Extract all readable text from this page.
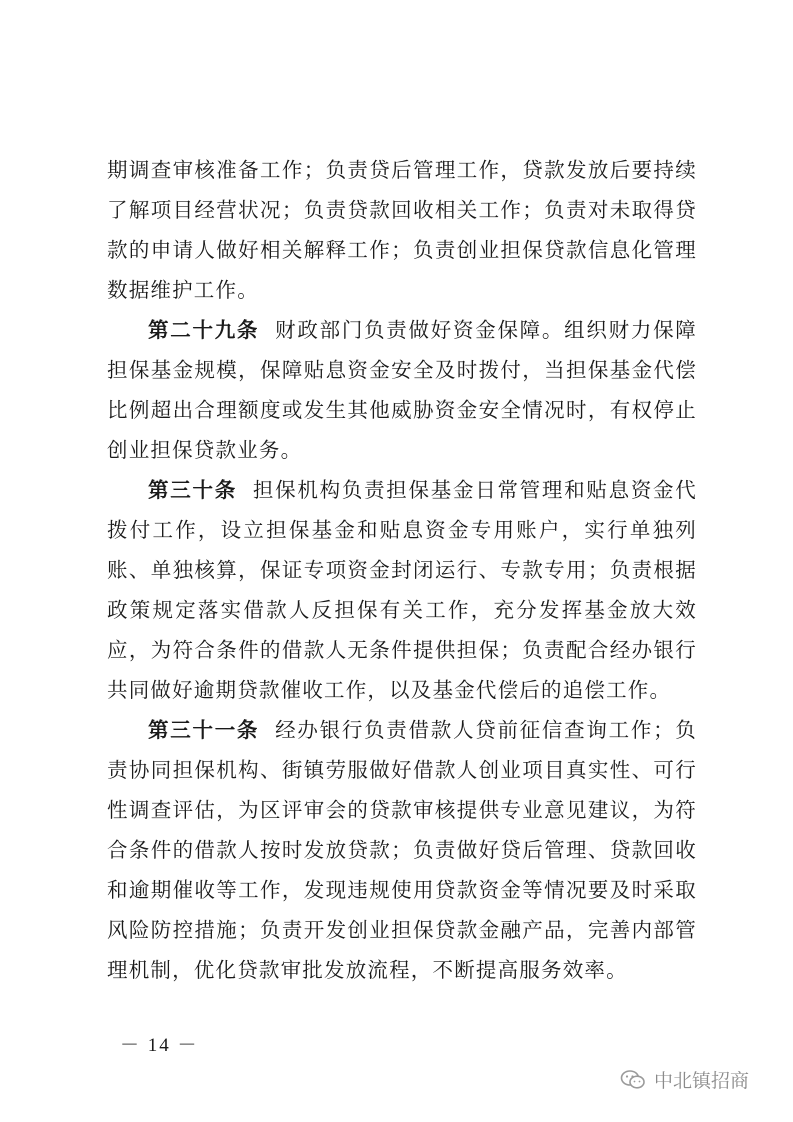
期调查审核准备工作；负责贷后管理工作，贷款发放后要持续了解项目经营状况；负责贷款回收相关工作；负责对未取得贷款的申请人做好相关解释工作；负责创业担保贷款信息化管理数据维护工作。

第二十九条 财政部门负责做好资金保障。组织财力保障担保基金规模，保障贴息资金安全及时拨付，当担保基金代偿比例超出合理额度或发生其他威胁资金安全情况时，有权停止创业担保贷款业务。

第三十条 担保机构负责担保基金日常管理和贴息资金代拨付工作，设立担保基金和贴息资金专用账户，实行单独列账、单独核算，保证专项资金封闭运行、专款专用；负责根据政策规定落实借款人反担保有关工作，充分发挥基金放大效应，为符合条件的借款人无条件提供担保；负责配合经办银行共同做好逾期贷款催收工作，以及基金代偿后的追偿工作。

第三十一条 经办银行负责借款人贷前征信查询工作；负责协同担保机构、街镇劳服做好借款人创业项目真实性、可行性调查评估，为区评审会的贷款审核提供专业意见建议，为符合条件的借款人按时发放贷款；负责做好贷后管理、贷款回收和逾期催收等工作，发现违规使用贷款资金等情况要及时采取风险防控措施；负责开发创业担保贷款金融产品，完善内部管理机制，优化贷款审批发放流程，不断提高服务效率。

－ 14 －
中北镇招商
